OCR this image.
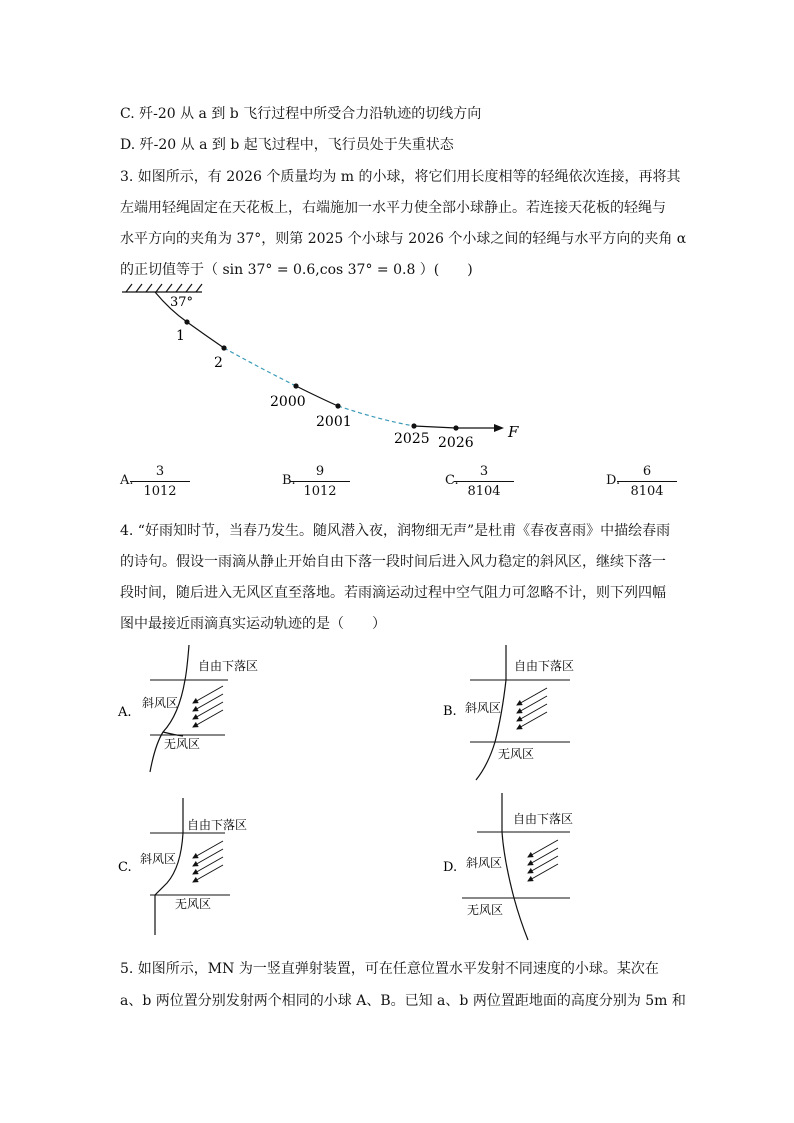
C. 歼-20 从 a 到 b 飞行过程中所受合力沿轨迹的切线方向
D. 歼-20 从 a 到 b 起飞过程中，飞行员处于失重状态
3. 如图所示，有 2026 个质量均为 m 的小球，将它们用长度相等的轻绳依次连接，再将其
左端用轻绳固定在天花板上，右端施加一水平力使全部小球静止。若连接天花板的轻绳与
水平方向的夹角为 37°，则第 2025 个小球与 2026 个小球之间的轻绳与水平方向的夹角 α
的正切值等于（ sin 37° = 0.6,cos 37° = 0.8 ）(　　)
37°
1
2
2000
2001
2025 2026
F
A.
$\frac{3}{1012}$	B.
$\frac{9}{1012}$	C.
$\frac{3}{8104}$	D.
$\frac{6}{8104}$
4. “好雨知时节，当春乃发生。随风潜入夜，润物细无声”是杜甫《春夜喜雨》中描绘春雨
的诗句。假设一雨滴从静止开始自由下落一段时间后进入风力稳定的斜风区，继续下落一
段时间，随后进入无风区直至落地。若雨滴运动过程中空气阻力可忽略不计，则下列四幅
图中最接近雨滴真实运动轨迹的是（　　）
A.
自由下落区
斜风区
无风区
B.
自由下落区
斜风区
无风区
C.
自由下落区
斜风区
无风区
D.
自由下落区
斜风区
无风区
5. 如图所示，MN 为一竖直弹射装置，可在任意位置水平发射不同速度的小球。某次在
a、b 两位置分别发射两个相同的小球 A、B。已知 a、b 两位置距地面的高度分别为 5m 和
